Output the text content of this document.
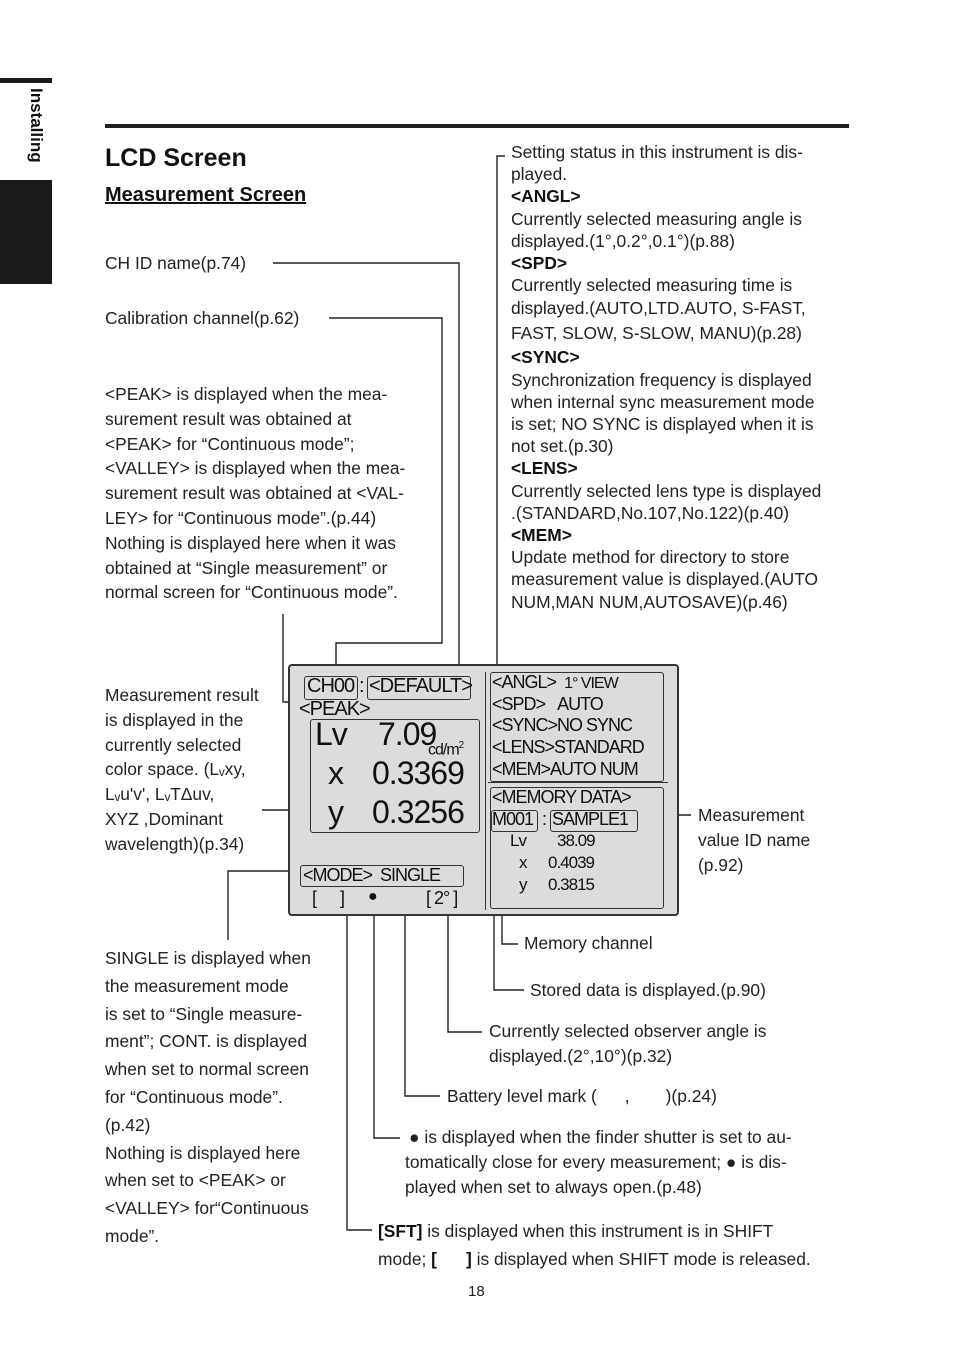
Installing LCD Screen
Measurement Screen
CH ID name(p.74)
Calibration channel(p.62)
<PEAK> is displayed when the mea-
surement result was obtained at
<PEAK> for “Continuous mode”;
<VALLEY> is displayed when the mea-
surement result was obtained at <VAL-
LEY> for “Continuous mode”.(p.44)
Nothing is displayed here when it was
obtained at “Single measurement” or
normal screen for “Continuous mode”.
Measurement result
is displayed in the
currently selected
color space. (Lᵥxy,
Lᵥu'v', LᵥTΔuv,
XYZ ,Dominant
wavelength)(p.34)
SINGLE is displayed when
the measurement mode
is set to “Single measure-
ment”; CONT. is displayed
when set to normal screen
for “Continuous mode”.
(p.42)
Nothing is displayed here
when set to <PEAK> or
<VALLEY> for“Continuous
mode”.
Setting status in this instrument is dis-
played.
<ANGL>
Currently selected measuring angle is
displayed.(1°,0.2°,0.1°)(p.88)
<SPD>
Currently selected measuring time is
displayed.(AUTO,LTD.AUTO, S-FAST,
FAST, SLOW, S-SLOW, MANU)(p.28)
<SYNC>
Synchronization frequency is displayed
when internal sync measurement mode
is set; NO SYNC is displayed when it is
not set.(p.30)
<LENS>
Currently selected lens type is displayed
.(STANDARD,No.107,No.122)(p.40)
<MEM>
Update method for directory to store
measurement value is displayed.(AUTO
NUM,MAN NUM,AUTOSAVE)(p.46)
Measurement
value ID name
(p.92)
Memory channel
Stored data is displayed.(p.90)
Currently selected observer angle is
displayed.(2°,10°)(p.32)
Battery level mark ( , )(p.24)
● is displayed when the finder shutter is set to au-
tomatically close for every measurement; ● is dis-
played when set to always open.(p.48)
[SFT] is displayed when this instrument is in SHIFT
mode; [      ] is displayed when SHIFT mode is released.
CH00 : <DEFAULT>
<PEAK>
Lv 7.09
$cd/m^2$
x 0.3369
y 0.3256
<MODE>  SINGLE
[      ] ●	[ 2° ]
<ANGL> 1° VIEW
<SPD> AUTO
<SYNC>NO SYNC
<LENS>STANDARD
<MEM>AUTO NUM
<MEMORY DATA>
M001 : SAMPLE1
Lv 38.09
x 0.4039
y 0.3815
18
